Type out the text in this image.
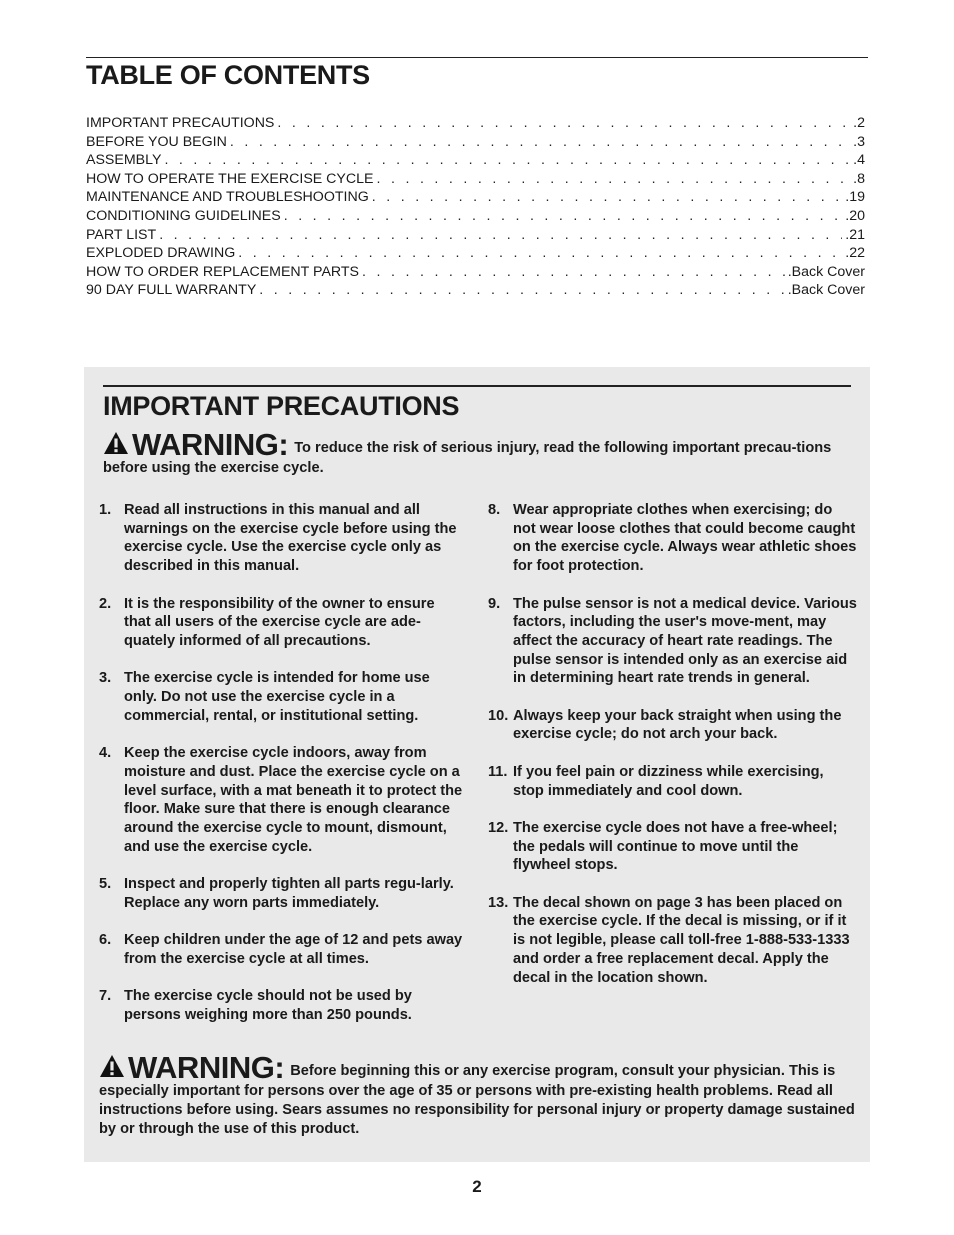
TABLE OF CONTENTS
IMPORTANT PRECAUTIONS . . .	.2
BEFORE YOU BEGIN . . .	.3
ASSEMBLY . . .	.4
HOW TO OPERATE THE EXERCISE CYCLE . . .	.8
MAINTENANCE AND TROUBLESHOOTING . . .	.19
CONDITIONING GUIDELINES . . .	.20
PART LIST . . .	.21
EXPLODED DRAWING . . .	.22
HOW TO ORDER REPLACEMENT PARTS . . .	.Back Cover
90 DAY FULL WARRANTY . . .	.Back Cover
IMPORTANT PRECAUTIONS

WARNING: To reduce the risk of serious injury, read the following important precau-tions before using the exercise cycle.

1. Read all instructions in this manual and all warnings on the exercise cycle before using the exercise cycle. Use the exercise cycle only as described in this manual.
2. It is the responsibility of the owner to ensure that all users of the exercise cycle are ade-quately informed of all precautions.
3. The exercise cycle is intended for home use only. Do not use the exercise cycle in a commercial, rental, or institutional setting.
4. Keep the exercise cycle indoors, away from moisture and dust. Place the exercise cycle on a level surface, with a mat beneath it to protect the floor. Make sure that there is enough clearance around the exercise cycle to mount, dismount, and use the exercise cycle.
5. Inspect and properly tighten all parts regu-larly. Replace any worn parts immediately.
6. Keep children under the age of 12 and pets away from the exercise cycle at all times.
7. The exercise cycle should not be used by persons weighing more than 250 pounds.
8. Wear appropriate clothes when exercising; do not wear loose clothes that could become caught on the exercise cycle. Always wear athletic shoes for foot protection.
9. The pulse sensor is not a medical device. Various factors, including the user's move-ment, may affect the accuracy of heart rate readings. The pulse sensor is intended only as an exercise aid in determining heart rate trends in general.
10. Always keep your back straight when using the exercise cycle; do not arch your back.
11. If you feel pain or dizziness while exercising, stop immediately and cool down.
12. The exercise cycle does not have a free-wheel; the pedals will continue to move until the flywheel stops.
13. The decal shown on page 3 has been placed on the exercise cycle. If the decal is missing, or if it is not legible, please call toll-free 1-888-533-1333 and order a free replacement decal. Apply the decal in the location shown.

WARNING: Before beginning this or any exercise program, consult your physician. This is especially important for persons over the age of 35 or persons with pre-existing health problems. Read all instructions before using. Sears assumes no responsibility for personal injury or property damage sustained by or through the use of this product.

2
